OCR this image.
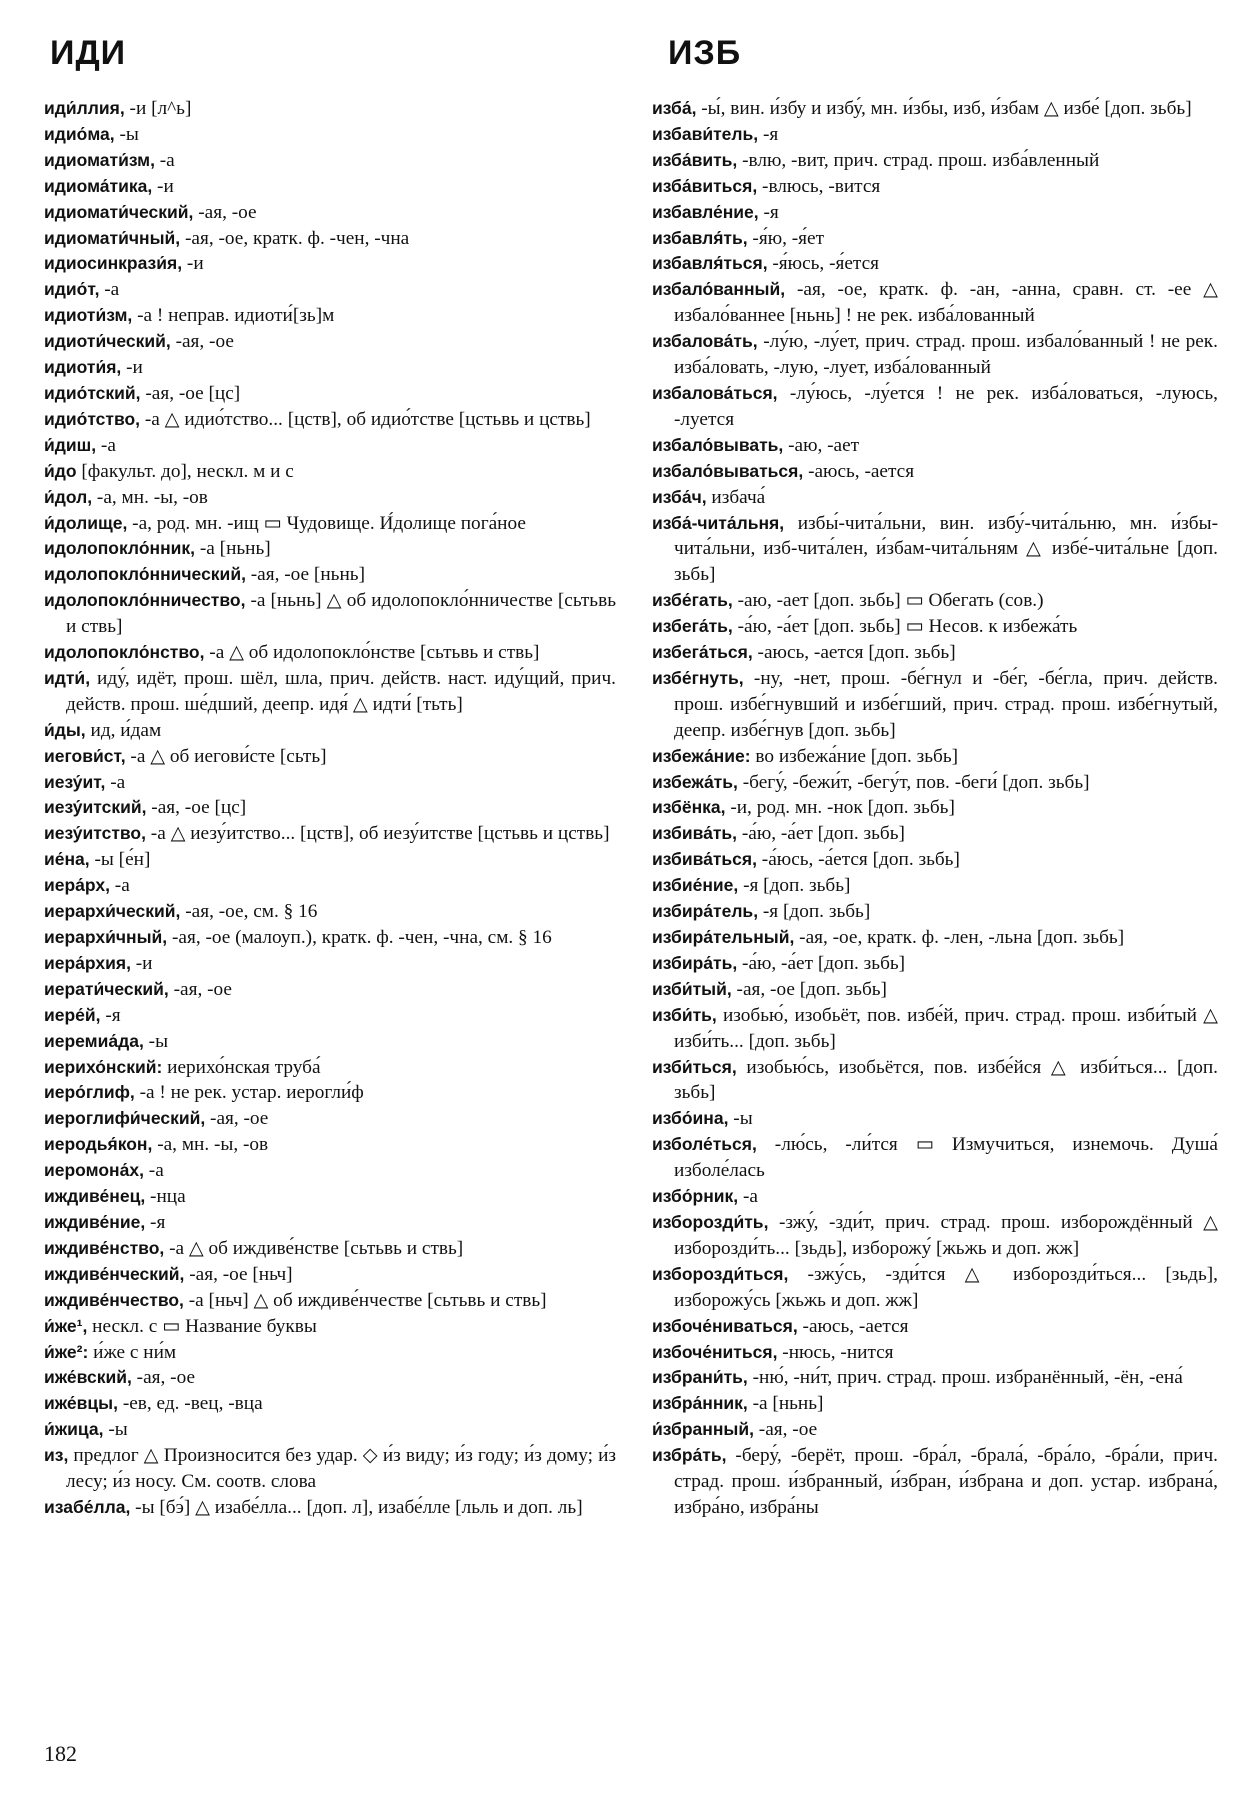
ИДИ	ИЗБ
иди́ллия, -и [л^ь]
идио́ма, -ы
идиомати́зм, -а
идиома́тика, -и
идиомати́ческий, -ая, -ое
идиомати́чный, -ая, -ое, кратк. ф. -чен, -чна
идиосинкрази́я, -и
идио́т, -а
идиоти́зм, -а ! неправ. идиоти́[зь]м
идиоти́ческий, -ая, -ое
идиоти́я, -и
идио́тский, -ая, -ое [цс]
идио́тство, -а △ идио́тство... [цств], об идио́тстве [цстьвь и цствь]
и́диш, -а
и́до [факульт. до], нескл. м и с
и́дол, -а, мн. -ы, -ов
и́долище, -а, род. мн. -ищ ▭ Чудовище. И́долище пога́ное
идолопокло́нник, -а [ньнь]
идолопокло́ннический, -ая, -ое [ньнь]
идолопокло́нничество, -а [ньнь] △ об идолопокло́нничестве [сьтьвь и ствь]
идолопокло́нство, -а △ об идолопокло́нстве [сьтьвь и ствь]
идти́, иду́, идёт, прош. шёл, шла, прич. действ. наст. иду́щий, прич. действ. прош. ше́дший, деепр. идя́ △ идти́ [тьть]
и́ды, ид, и́дам
иегови́ст, -а △ об иегови́сте [сьть]
иезу́ит, -а
иезу́итский, -ая, -ое [цс]
иезу́итство, -а △ иезу́итство... [цств], об иезу́итстве [цстьвь и цствь]
ие́на, -ы [е́н]
иера́рх, -а
иерархи́ческий, -ая, -ое, см. § 16
иерархи́чный, -ая, -ое (малоуп.), кратк. ф. -чен, -чна, см. § 16
иера́рхия, -и
иерати́ческий, -ая, -ое
иере́й, -я
иеремиа́да, -ы
иерихо́нский: иерихо́нская труба́
иеро́глиф, -а ! не рек. устар. иерогли́ф
иероглифи́ческий, -ая, -ое
иеродья́кон, -а, мн. -ы, -ов
иеромона́х, -а
иждиве́нец, -нца
иждиве́ние, -я
иждиве́нство, -а △ об иждиве́нстве [сьтьвь и ствь]
иждиве́нческий, -ая, -ое [ньч]
иждиве́нчество, -а [ньч] △ об иждиве́нчестве [сьтьвь и ствь]
и́же¹, нескл. с ▭ Название буквы
и́же²: и́же с ни́м
иже́вский, -ая, -ое
иже́вцы, -ев, ед. -вец, -вца
и́жица, -ы
из, предлог △ Произносится без удар. ◇ и́з виду; и́з году; и́з дому; и́з лесу; и́з носу. См. соотв. слова
изабе́лла, -ы [бэ́] △ изабе́лла... [доп. л], изабе́лле [льль и доп. ль]
изба́, -ы́, вин. и́збу и избу́, мн. и́збы, изб, и́збам △ избе́ [доп. зьбь]
избави́тель, -я
изба́вить, -влю, -вит, прич. страд. прош. изба́вленный
изба́виться, -влюсь, -вится
избавле́ние, -я
избавля́ть, -я́ю, -я́ет
избавля́ться, -я́юсь, -я́ется
избало́ванный, -ая, -ое, кратк. ф. -ан, -анна, сравн. ст. -ее △ избало́ваннее [ньнь] ! не рек. изба́лованный
избалова́ть, -лу́ю, -лу́ет, прич. страд. прош. избало́ванный ! не рек. изба́ловать, -лую, -лует, изба́лованный
избалова́ться, -лу́юсь, -лу́ется ! не рек. изба́ловаться, -луюсь, -луется
избало́вывать, -аю, -ает
избало́вываться, -аюсь, -ается
изба́ч, избача́
изба́-чита́льня, избы́-чита́льни, вин. избу́-чита́льню, мн. и́збы-чита́льни, изб-чита́лен, и́збам-чита́льням △ избе́-чита́льне [доп. зьбь]
избе́гать, -аю, -ает [доп. зьбь] ▭ Обегать (сов.)
избега́ть, -а́ю, -а́ет [доп. зьбь] ▭ Несов. к избежа́ть
избега́ться, -аюсь, -ается [доп. зьбь]
избе́гнуть, -ну, -нет, прош. -бе́гнул и -бе́г, -бе́гла, прич. действ. прош. избе́гнувший и избе́гший, прич. страд. прош. избе́гнутый, деепр. избе́гнув [доп. зьбь]
избежа́ние: во избежа́ние [доп. зьбь]
избежа́ть, -бегу́, -бежи́т, -бегу́т, пов. -беги́ [доп. зьбь]
избёнка, -и, род. мн. -нок [доп. зьбь]
избива́ть, -а́ю, -а́ет [доп. зьбь]
избива́ться, -а́юсь, -а́ется [доп. зьбь]
избие́ние, -я [доп. зьбь]
избира́тель, -я [доп. зьбь]
избира́тельный, -ая, -ое, кратк. ф. -лен, -льна [доп. зьбь]
избира́ть, -а́ю, -а́ет [доп. зьбь]
изби́тый, -ая, -ое [доп. зьбь]
изби́ть, изобью́, изобьёт, пов. избе́й, прич. страд. прош. изби́тый △ изби́ть... [доп. зьбь]
изби́ться, изобью́сь, изобьётся, пов. избе́йся △ изби́ться... [доп. зьбь]
избо́ина, -ы
изболе́ться, -лю́сь, -ли́тся ▭ Измучиться, изнемочь. Душа́ изболе́лась
избо́рник, -а
изборозди́ть, -зжу́, -зди́т, прич. страд. прош. изборождённый △ изборозди́ть... [зьдь], изборожу́ [жьжь и доп. жж]
изборозди́ться, -зжу́сь, -зди́тся △ изборозди́ться... [зьдь], изборожу́сь [жьжь и доп. жж]
избоче́ниваться, -аюсь, -ается
избоче́ниться, -нюсь, -нится
избрани́ть, -ню́, -ни́т, прич. страд. прош. избранённый, -ён, -ена́
избра́нник, -а [ньнь]
и́збранный, -ая, -ое
избра́ть, -беру́, -берёт, прош. -бра́л, -брала́, -бра́ло, -бра́ли, прич. страд. прош. и́збранный, и́збран, и́збрана и доп. устар. избрана́, избра́но, избра́ны
182
